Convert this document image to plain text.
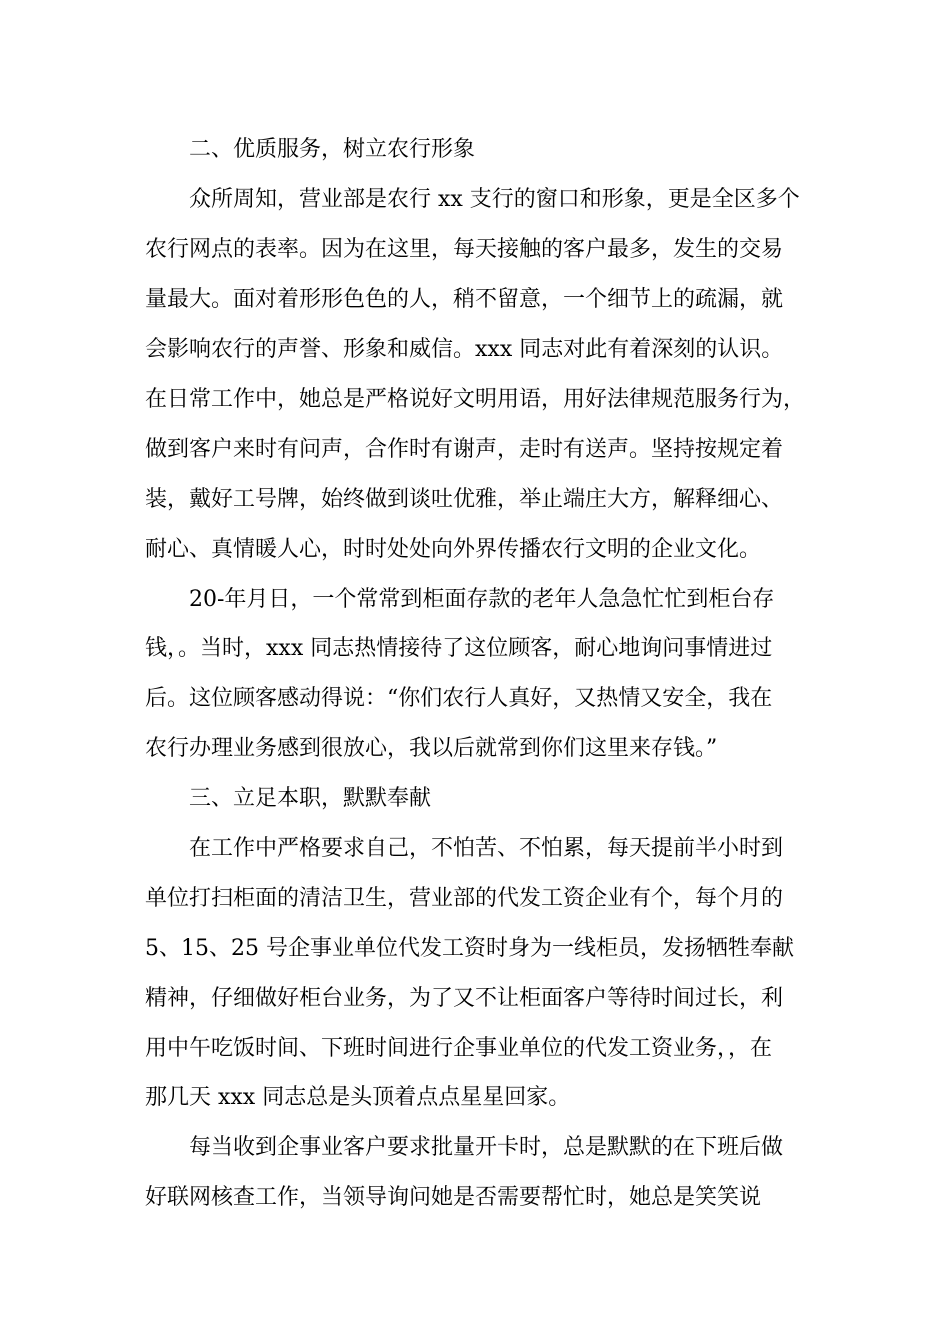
二、优质服务，树立农行形象

众所周知，营业部是农行 xx 支行的窗口和形象，更是全区多个

农行网点的表率。因为在这里，每天接触的客户最多，发生的交易

量最大。面对着形形色色的人，稍不留意，一个细节上的疏漏，就

会影响农行的声誉、形象和威信。xxx 同志对此有着深刻的认识。

在日常工作中，她总是严格说好文明用语，用好法律规范服务行为，

做到客户来时有问声，合作时有谢声，走时有送声。坚持按规定着

装，戴好工号牌，始终做到谈吐优雅，举止端庄大方，解释细心、

耐心、真情暖人心，时时处处向外界传播农行文明的企业文化。

20-年月日，一个常常到柜面存款的老年人急急忙忙到柜台存

钱，。当时，xxx 同志热情接待了这位顾客，耐心地询问事情进过

后。这位顾客感动得说：“你们农行人真好，又热情又安全，我在

农行办理业务感到很放心，我以后就常到你们这里来存钱。”

三、立足本职，默默奉献

在工作中严格要求自己，不怕苦、不怕累，每天提前半小时到

单位打扫柜面的清洁卫生，营业部的代发工资企业有个，每个月的

5、15、25 号企事业单位代发工资时身为一线柜员，发扬牺牲奉献

精神，仔细做好柜台业务，为了又不让柜面客户等待时间过长，利

用中午吃饭时间、下班时间进行企事业单位的代发工资业务，，在

那几天 xxx 同志总是头顶着点点星星回家。

每当收到企事业客户要求批量开卡时，总是默默的在下班后做

好联网核查工作，当领导询问她是否需要帮忙时，她总是笑笑说
